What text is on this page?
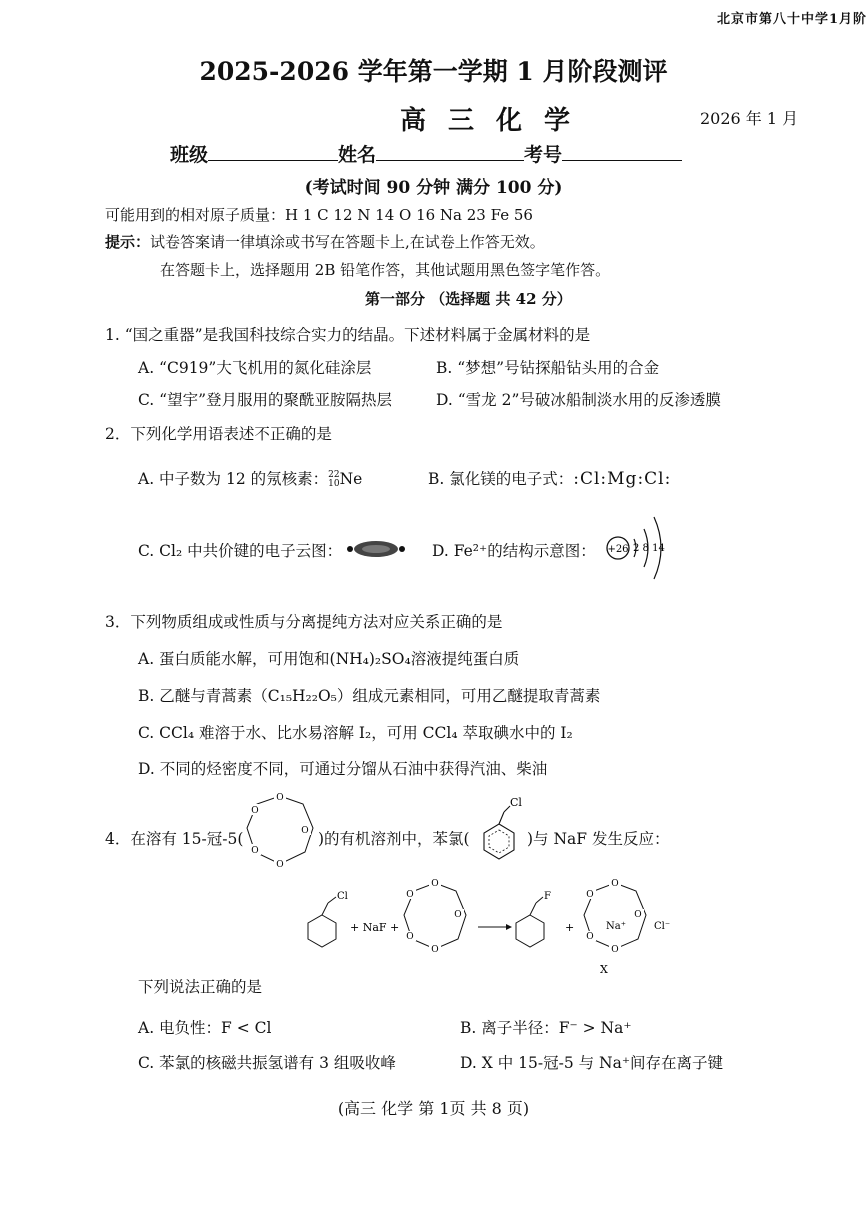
北京市第八十中学1月阶
2025-2026 学年第一学期 1 月阶段测评
高三化学	2026 年 1 月
班级	姓名	考号
(考试时间 90 分钟 满分 100 分)
可能用到的相对原子质量：H 1 C 12 N 14 O 16 Na 23 Fe 56
提示：试卷答案请一律填涂或书写在答题卡上,在试卷上作答无效。
在答题卡上，选择题用 2B 铅笔作答，其他试题用黑色签字笔作答。
第一部分 （选择题 共 42 分）
1. “国之重器”是我国科技综合实力的结晶。下述材料属于金属材料的是
A. “C919”大飞机用的氮化硅涂层	B. “梦想”号钻探船钻头用的合金
C. “望宇”登月服用的聚酰亚胺隔热层	D. “雪龙 2”号破冰船制淡水用的反渗透膜
2．下列化学用语表述不正确的是
A. 中子数为 12 的氖核素： 22
10 Ne	B. 氯化镁的电子式：:Cl:Mg:Cl:
C. Cl₂ 中共价键的电子云图：	D. Fe²⁺的结构示意图： +26 2 8 14
3．下列物质组成或性质与分离提纯方法对应关系正确的是
A. 蛋白质能水解，可用饱和(NH₄)₂SO₄溶液提纯蛋白质
B. 乙醚与青蒿素（C₁₅H₂₂O₅）组成元素相同，可用乙醚提取青蒿素
C. CCl₄ 难溶于水、比水易溶解 I₂，可用 CCl₄ 萃取碘水中的 I₂
D. 不同的烃密度不同，可通过分馏从石油中获得汽油、柴油
4．在溶有 15-冠-5(
O
O
O
O
O
)的有机溶剂中，苯氯(
Cl
)与 NaF 发生反应：
Cl
+ NaF +
O
O
O
O
O	F
+
O
O
O
O
O
Na⁺	Cl⁻
X
下列说法正确的是
A. 电负性：F < Cl	B. 离子半径：F⁻ > Na⁺
C. 苯氯的核磁共振氢谱有 3 组吸收峰	D. X 中 15-冠-5 与 Na⁺间存在离子键
(高三 化学 第 1页 共 8 页)
